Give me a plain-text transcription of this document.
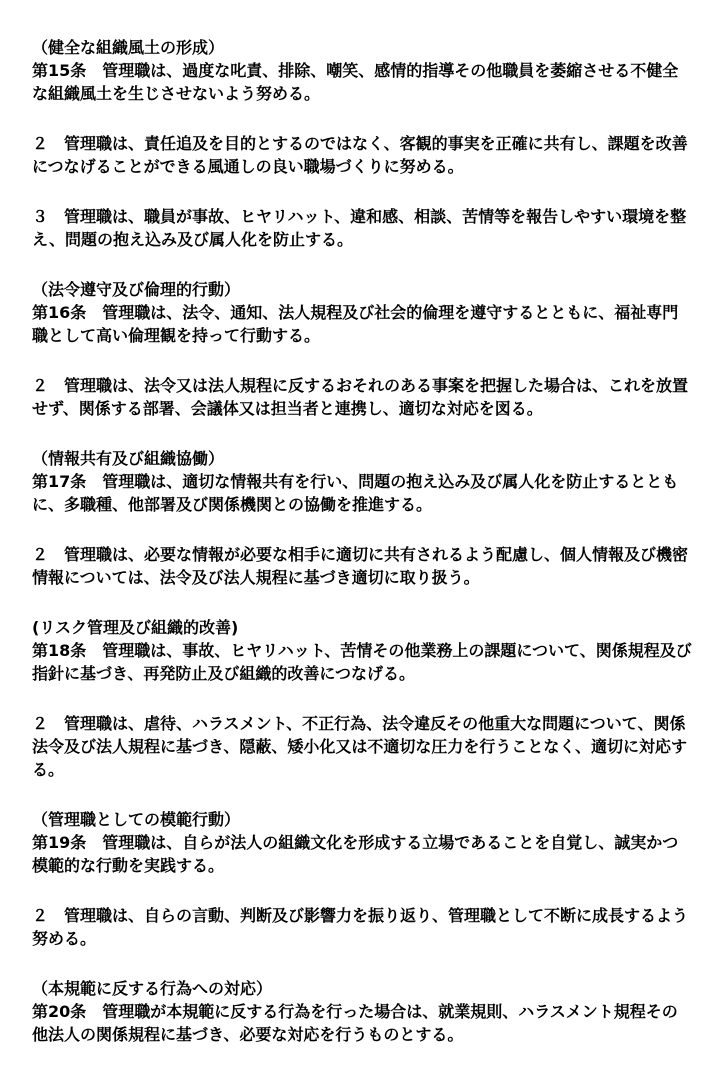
（健全な組織風土の形成）

第15条　管理職は、過度な叱責、排除、嘲笑、感情的指導その他職員を萎縮させる不健全な組織風土を生じさせないよう努める。

２　管理職は、責任追及を目的とするのではなく、客観的事実を正確に共有し、課題を改善につなげることができる風通しの良い職場づくりに努める。

３　管理職は、職員が事故、ヒヤリハット、違和感、相談、苦情等を報告しやすい環境を整え、問題の抱え込み及び属人化を防止する。

（法令遵守及び倫理的行動）

第16条　管理職は、法令、通知、法人規程及び社会的倫理を遵守するとともに、福祉専門職として高い倫理観を持って行動する。

２　管理職は、法令又は法人規程に反するおそれのある事案を把握した場合は、これを放置せず、関係する部署、会議体又は担当者と連携し、適切な対応を図る。

（情報共有及び組織協働）

第17条　管理職は、適切な情報共有を行い、問題の抱え込み及び属人化を防止するとともに、多職種、他部署及び関係機関との協働を推進する。

２　管理職は、必要な情報が必要な相手に適切に共有されるよう配慮し、個人情報及び機密情報については、法令及び法人規程に基づき適切に取り扱う。

(リスク管理及び組織的改善)

第18条　管理職は、事故、ヒヤリハット、苦情その他業務上の課題について、関係規程及び指針に基づき、再発防止及び組織的改善につなげる。

２　管理職は、虐待、ハラスメント、不正行為、法令違反その他重大な問題について、関係法令及び法人規程に基づき、隠蔽、矮小化又は不適切な圧力を行うことなく、適切に対応する。

（管理職としての模範行動）

第19条　管理職は、自らが法人の組織文化を形成する立場であることを自覚し、誠実かつ模範的な行動を実践する。

２　管理職は、自らの言動、判断及び影響力を振り返り、管理職として不断に成長するよう努める。

（本規範に反する行為への対応）

第20条　管理職が本規範に反する行為を行った場合は、就業規則、ハラスメント規程その他法人の関係規程に基づき、必要な対応を行うものとする。
